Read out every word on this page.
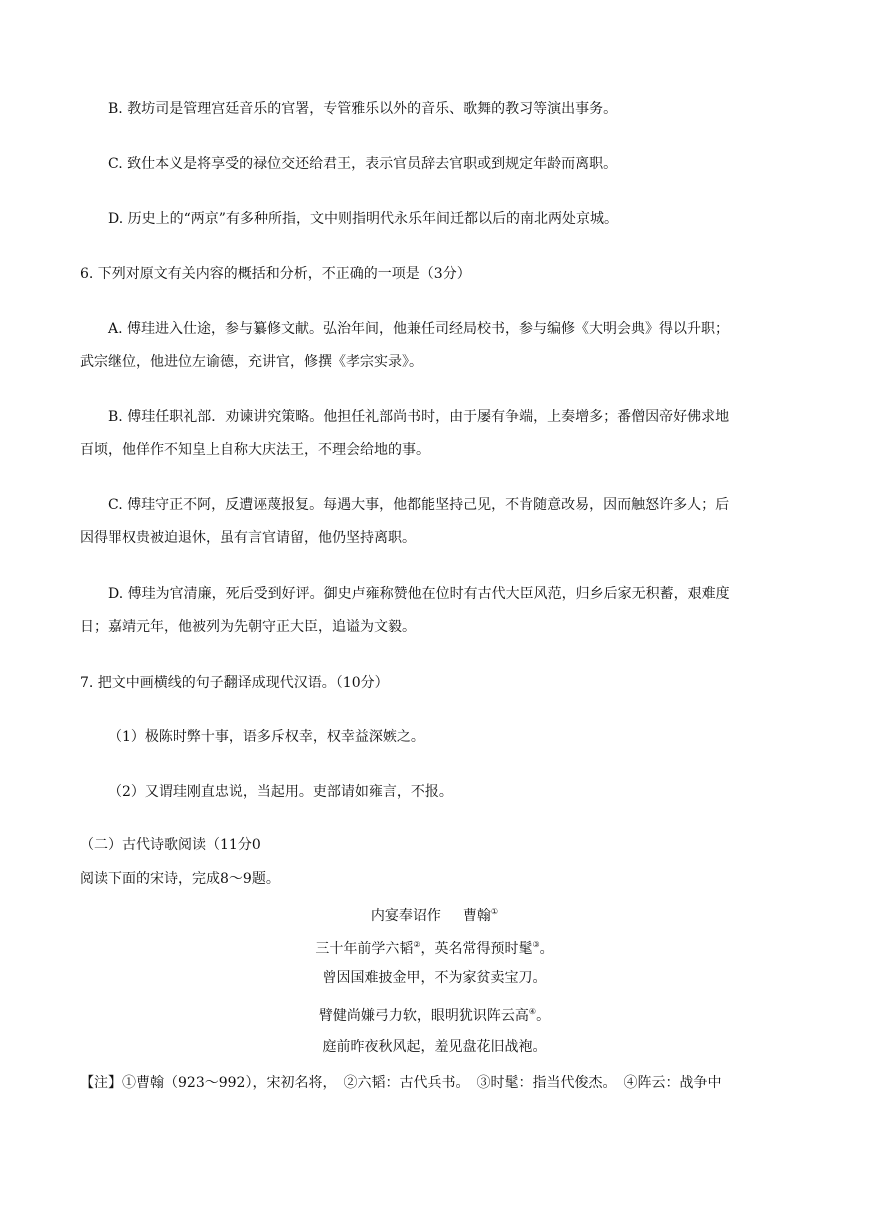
B. 教坊司是管理宫廷音乐的官署，专管雅乐以外的音乐、歌舞的教习等演出事务。
C. 致仕本义是将享受的禄位交还给君王，表示官员辞去官职或到规定年龄而离职。
D. 历史上的“两京”有多种所指，文中则指明代永乐年间迁都以后的南北两处京城。
6. 下列对原文有关内容的概括和分析，不正确的一项是（3分）
A. 傅珪进入仕途，参与纂修文献。弘治年间，他兼任司经局校书，参与编修《大明会典》得以升职；
武宗继位，他进位左谕德，充讲官，修撰《孝宗实录》。
B. 傅珪任职礼部．劝谏讲究策略。他担任礼部尚书时，由于屡有争端，上奏增多；番僧因帝好佛求地
百顷，他佯作不知皇上自称大庆法王，不理会给地的事。
C. 傅珪守正不阿，反遭诬蔑报复。每遇大事，他都能坚持己见，不肯随意改易，因而触怒许多人；后
因得罪权贵被迫退休，虽有言官请留，他仍坚持离职。
D. 傅珪为官清廉，死后受到好评。御史卢雍称赞他在位时有古代大臣风范，归乡后家无积蓄，艰难度
日；嘉靖元年，他被列为先朝守正大臣，追谥为文毅。
7. 把文中画横线的句子翻译成现代汉语。（10分）
（1）极陈时弊十事，语多斥权幸，权幸益深嫉之。
（2）又谓珪刚直忠说，当起用。吏部请如雍言，不报。
（二）古代诗歌阅读（11分0
阅读下面的宋诗，完成8～9题。
内宴奉诏作 曹翰①
三十年前学六韬②，英名常得预时髦③。
曾因国难披金甲，不为家贫卖宝刀。
臂健尚嫌弓力软，眼明犹识阵云高④。
庭前昨夜秋风起，羞见盘花旧战袍。
【注】①曹翰（923～992），宋初名将，　②六韬：古代兵书。　③时髦：指当代俊杰。　④阵云：战争中
